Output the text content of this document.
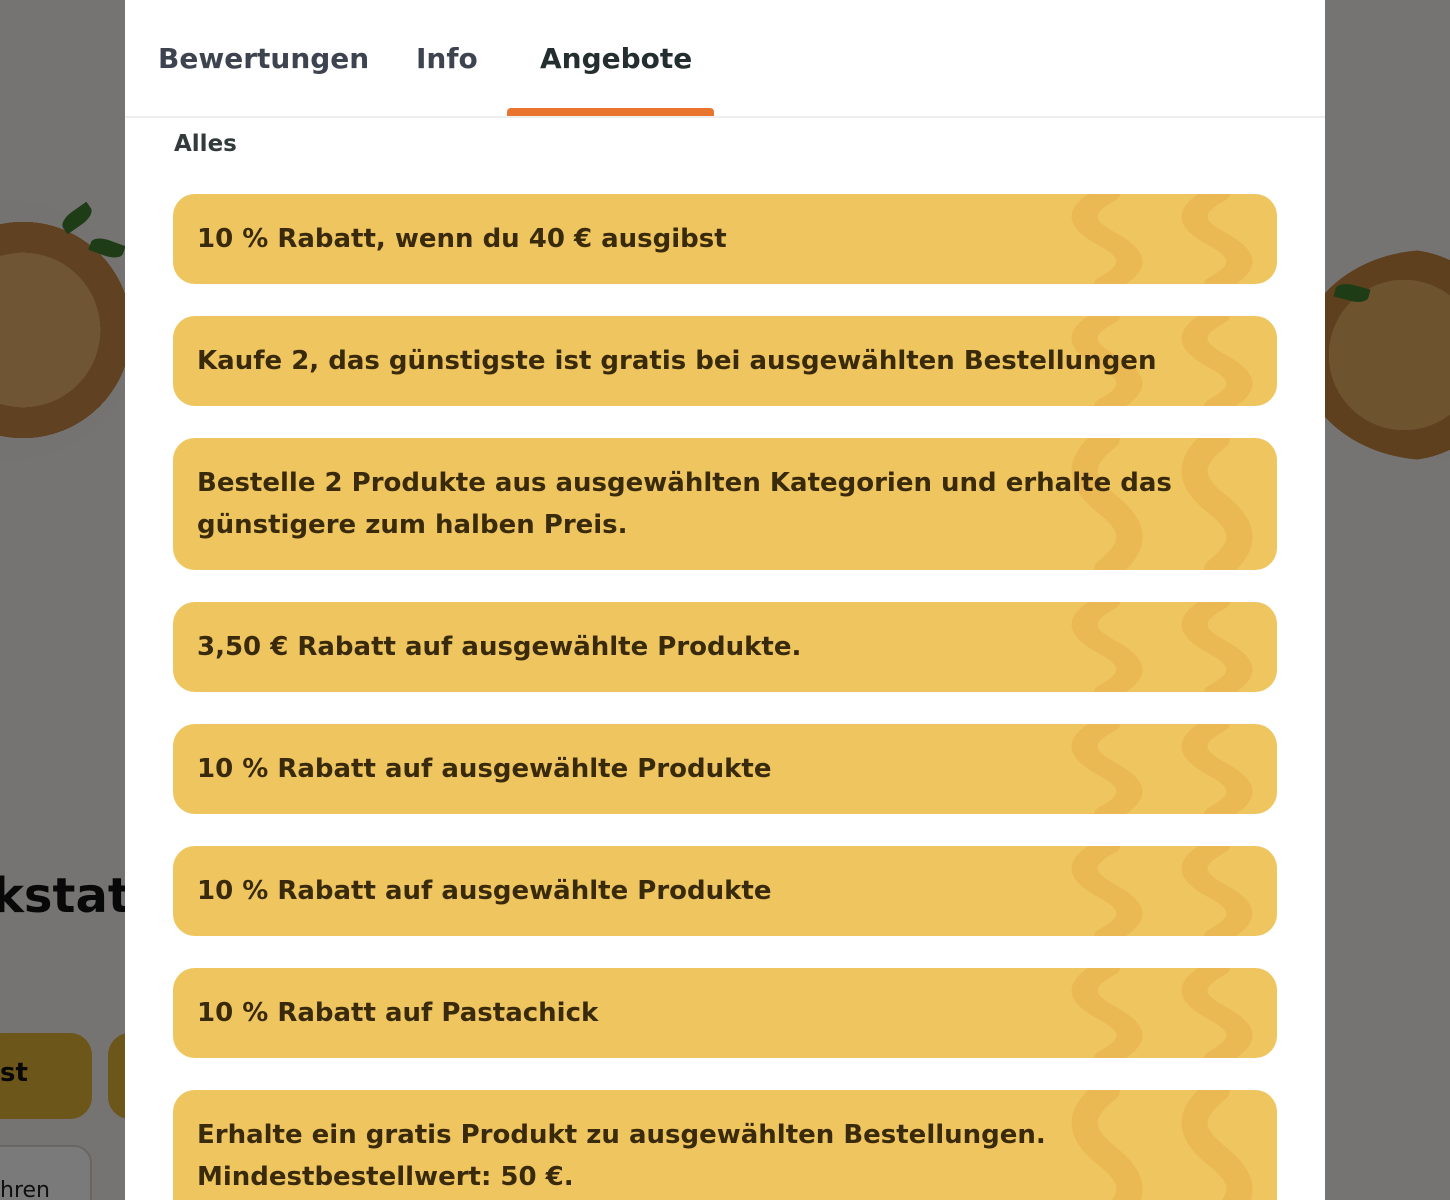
Bewertungen Info Angebote
Alles
10 % Rabatt, wenn du 40 € ausgibst
Kaufe 2, das günstigste ist gratis bei ausgewählten Bestellungen
Bestelle 2 Produkte aus ausgewählten Kategorien und erhalte das günstigere zum halben Preis.
3,50 € Rabatt auf ausgewählte Produkte.
10 % Rabatt auf ausgewählte Produkte
10 % Rabatt auf ausgewählte Produkte
10 % Rabatt auf Pastachick
Erhalte ein gratis Produkt zu ausgewählten Bestellungen. Mindestbestellwert: 50 €.
